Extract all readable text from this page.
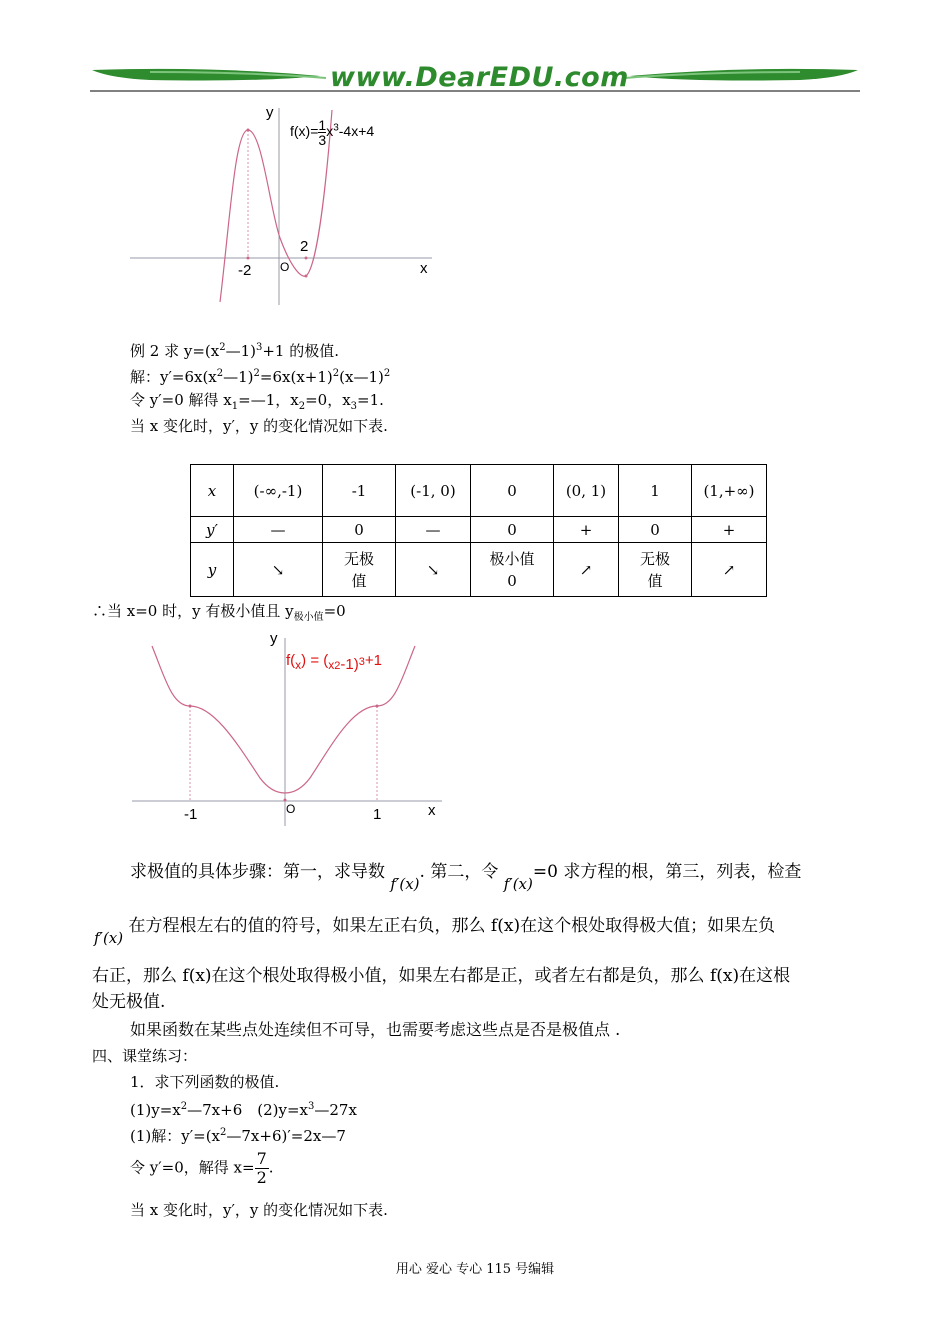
www.DearEDU.com
y
x
$f(x)= \frac{1}{3} x^3-4x+4$
-2
2
O
例 2 求 $y=(x^2—1)^3+1$ 的极值.
解：$y'=6x(x^2—1)^2=6x(x+1)^2(x—1)^2$
令 y′=0 解得 $x_1=—1$，$x_2=0$，$x_3=1$.
当 x 变化时，y′，y 的变化情况如下表.
x	(-∞,-1)	-1	(-1, 0)	0	(0, 1)	1	(1,+∞)
y′	—	0	—	0	+	0	+
y	↘	无极值	↘	极小值 0	↗	无极值	↗
∴当 x=0 时，y 有极小值且 $y_{极小值}=0$
y
x
$f(_x) = (_{x2}-1)3+1$
-1	1
O
求极值的具体步骤：第一，求导数 f′(x). 第二，令 f′(x)=0 求方程的根，第三，列表，检查
f′(x) 在方程根左右的值的符号，如果左正右负，那么 f(x)在这个根处取得极大值；如果左负
右正，那么 f(x)在这个根处取得极小值，如果左右都是正，或者左右都是负，那么 f(x)在这根
处无极值.
如果函数在某些点处连续但不可导，也需要考虑这些点是否是极值点 .
四、课堂练习：
1．求下列函数的极值.
$(1)y=x^2—7x+6$　$(2)y=x^3—27x$
(1)解：$y'=(x^2—7x+6)'=2x—7$
令 y′=0，解得 $x= \frac{7}{2}$ .
当 x 变化时，y′，y 的变化情况如下表.
用心 爱心 专心 115 号编辑
